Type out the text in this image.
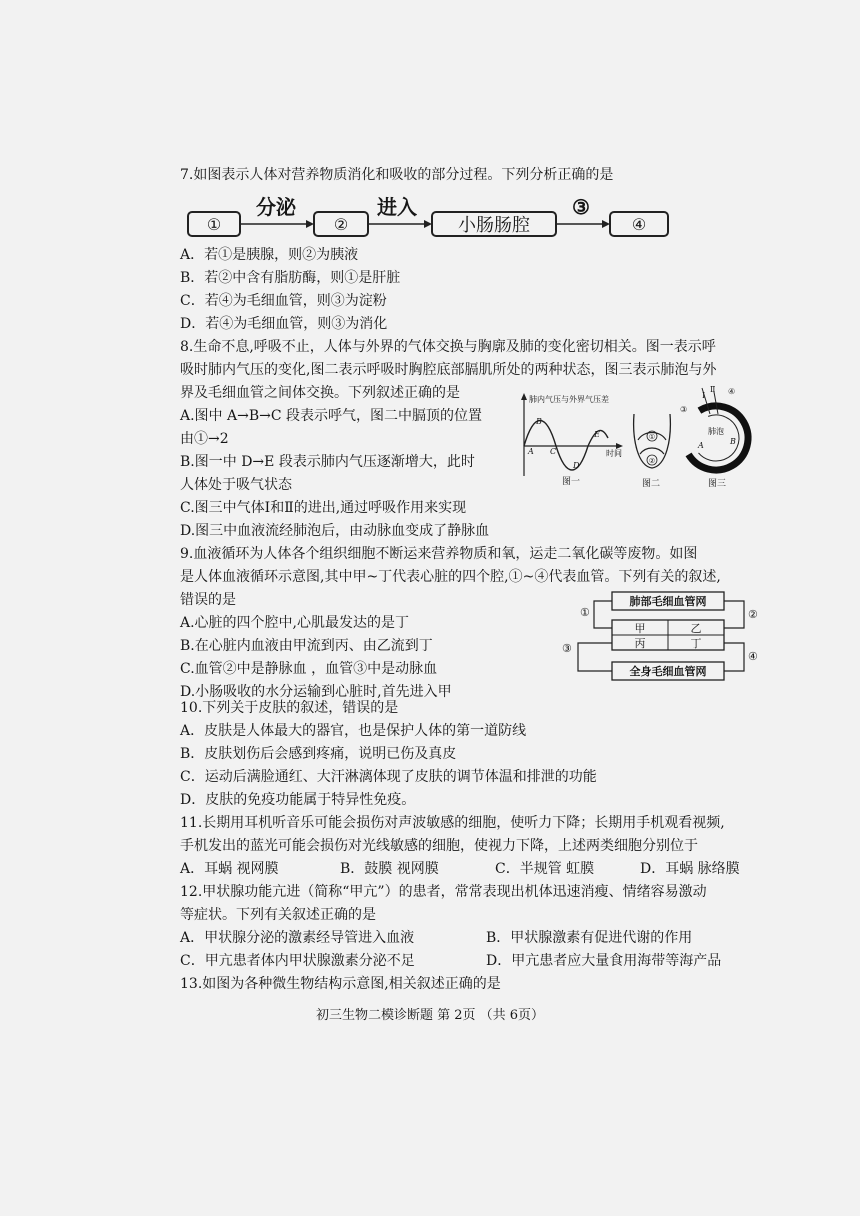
7.如图表示人体对营养物质消化和吸收的部分过程。下列分析正确的是
①
分泌
②
进入
小肠肠腔
③
④
A．若①是胰腺，则②为胰液
B．若②中含有脂肪酶，则①是肝脏
C．若④为毛细血管，则③为淀粉
D．若④为毛细血管，则③为消化
8.生命不息,呼吸不止，人体与外界的气体交换与胸廓及肺的变化密切相关。图一表示呼
吸时肺内气压的变化,图二表示呼吸时胸腔底部膈肌所处的两种状态，图三表示肺泡与外
界及毛细血管之间体交换。下列叙述正确的是
A.图中 A→B→C 段表示呼气，图二中膈顶的位置
由①→2
B.图一中 D→E 段表示肺内气压逐渐增大，此时
人体处于吸气状态
C.图三中气体Ⅰ和Ⅱ的进出,通过呼吸作用来实现
D.图三中血液流经肺泡后，由动脉血变成了静脉血
肺内气压与外界气压差
时间
A
B
C
D
E
图一
①
②
图二
Ⅱ
Ⅰ
③
④
肺泡
A	B
图三
9.血液循环为人体各个组织细胞不断运来营养物质和氧，运走二氧化碳等废物。如图
是人体血液循环示意图,其中甲~丁代表心脏的四个腔,①~④代表血管。下列有关的叙述,
错误的是
A.心脏的四个腔中,心肌最发达的是丁
B.在心脏内血液由甲流到丙、由乙流到丁
C.血管②中是静脉血 ，血管③中是动脉血
D.小肠吸收的水分运输到心脏时,首先进入甲
肺部毛细血管网
甲	乙
丙	丁
全身毛细血管网
①	②
③
④
10.下列关于皮肤的叙述，错误的是
A．皮肤是人体最大的器官，也是保护人体的第一道防线
B．皮肤划伤后会感到疼痛，说明已伤及真皮
C．运动后满脸通红、大汗淋漓体现了皮肤的调节体温和排泄的功能
D．皮肤的免疫功能属于特异性免疫。
11.长期用耳机听音乐可能会损伤对声波敏感的细胞，使听力下降；长期用手机观看视频,
手机发出的蓝光可能会损伤对光线敏感的细胞，使视力下降，上述两类细胞分别位于
A．耳蜗 视网膜	B．鼓膜 视网膜	C．半规管 虹膜	D．耳蜗 脉络膜
12.甲状腺功能亢进（简称“甲亢”）的患者，常常表现出机体迅速消瘦、情绪容易激动
等症状。下列有关叙述正确的是
A．甲状腺分泌的激素经导管进入血液	B．甲状腺激素有促进代谢的作用
C．甲亢患者体内甲状腺激素分泌不足	D．甲亢患者应大量食用海带等海产品
13.如图为各种微生物结构示意图,相关叙述正确的是
初三生物二模诊断题 第 2页 （共 6页）
